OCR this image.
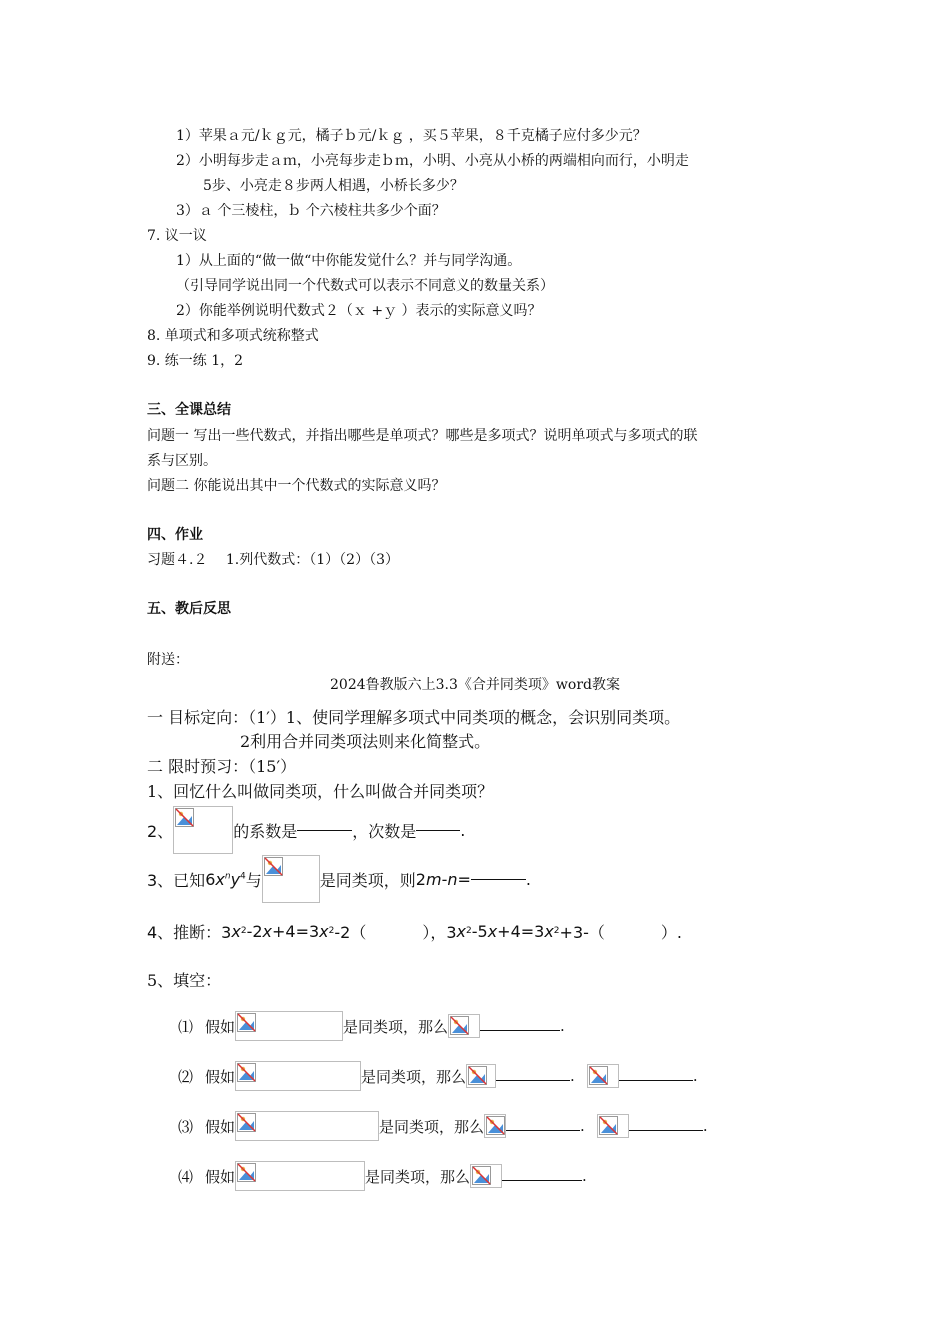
1）苹果ａ元/ｋｇ元，橘子ｂ元/ｋｇ ，买５苹果，８千克橘子应付多少元？
2）小明每步走ａｍ，小亮每步走ｂｍ，小明、小亮从小桥的两端相向而行，小明走
5步、小亮走８步两人相遇，小桥长多少？
3）ａ 个三棱柱，ｂ 个六棱柱共多少个面？
7. 议一议
1）从上面的“做一做“中你能发觉什么？并与同学沟通。
（引导同学说出同一个代数式可以表示不同意义的数量关系）
2）你能举例说明代数式２（ｘ +ｙ ）表示的实际意义吗？
8. 单项式和多项式统称整式
9. 练一练 1，2
三、全课总结
问题一 写出一些代数式，并指出哪些是单项式？哪些是多项式？说明单项式与多项式的联
系与区别。
问题二 你能说出其中一个代数式的实际意义吗？
四、作业
习题４.２　 1.列代数式：（1）（2）（3）
五、教后反思
附送：
2024鲁教版六上3.3《合并同类项》word教案
一 目标定向：（1′）1、使同学理解多项式中同类项的概念，会识别同类项。
2利用合并同类项法则来化简整式。
二 限时预习：（15′）
1、回忆什么叫做同类项，什么叫做合并同类项？
2、	的系数是	，次数是	.
3、已知 $6x^ny^4$ 与	是同类项，则 2m-n=	.
4、推断：3 x 2 -2 x +4=3 x 2 -2（	），3 x 2 -5 x +4=3 x 2 +3-（	）.
5、填空：
⑴ 假如	是同类项，那么	.
⑵ 假如	是同类项，那么	.	.
⑶ 假如	是同类项，那么	.	.
⑷ 假如	是同类项，那么	.
